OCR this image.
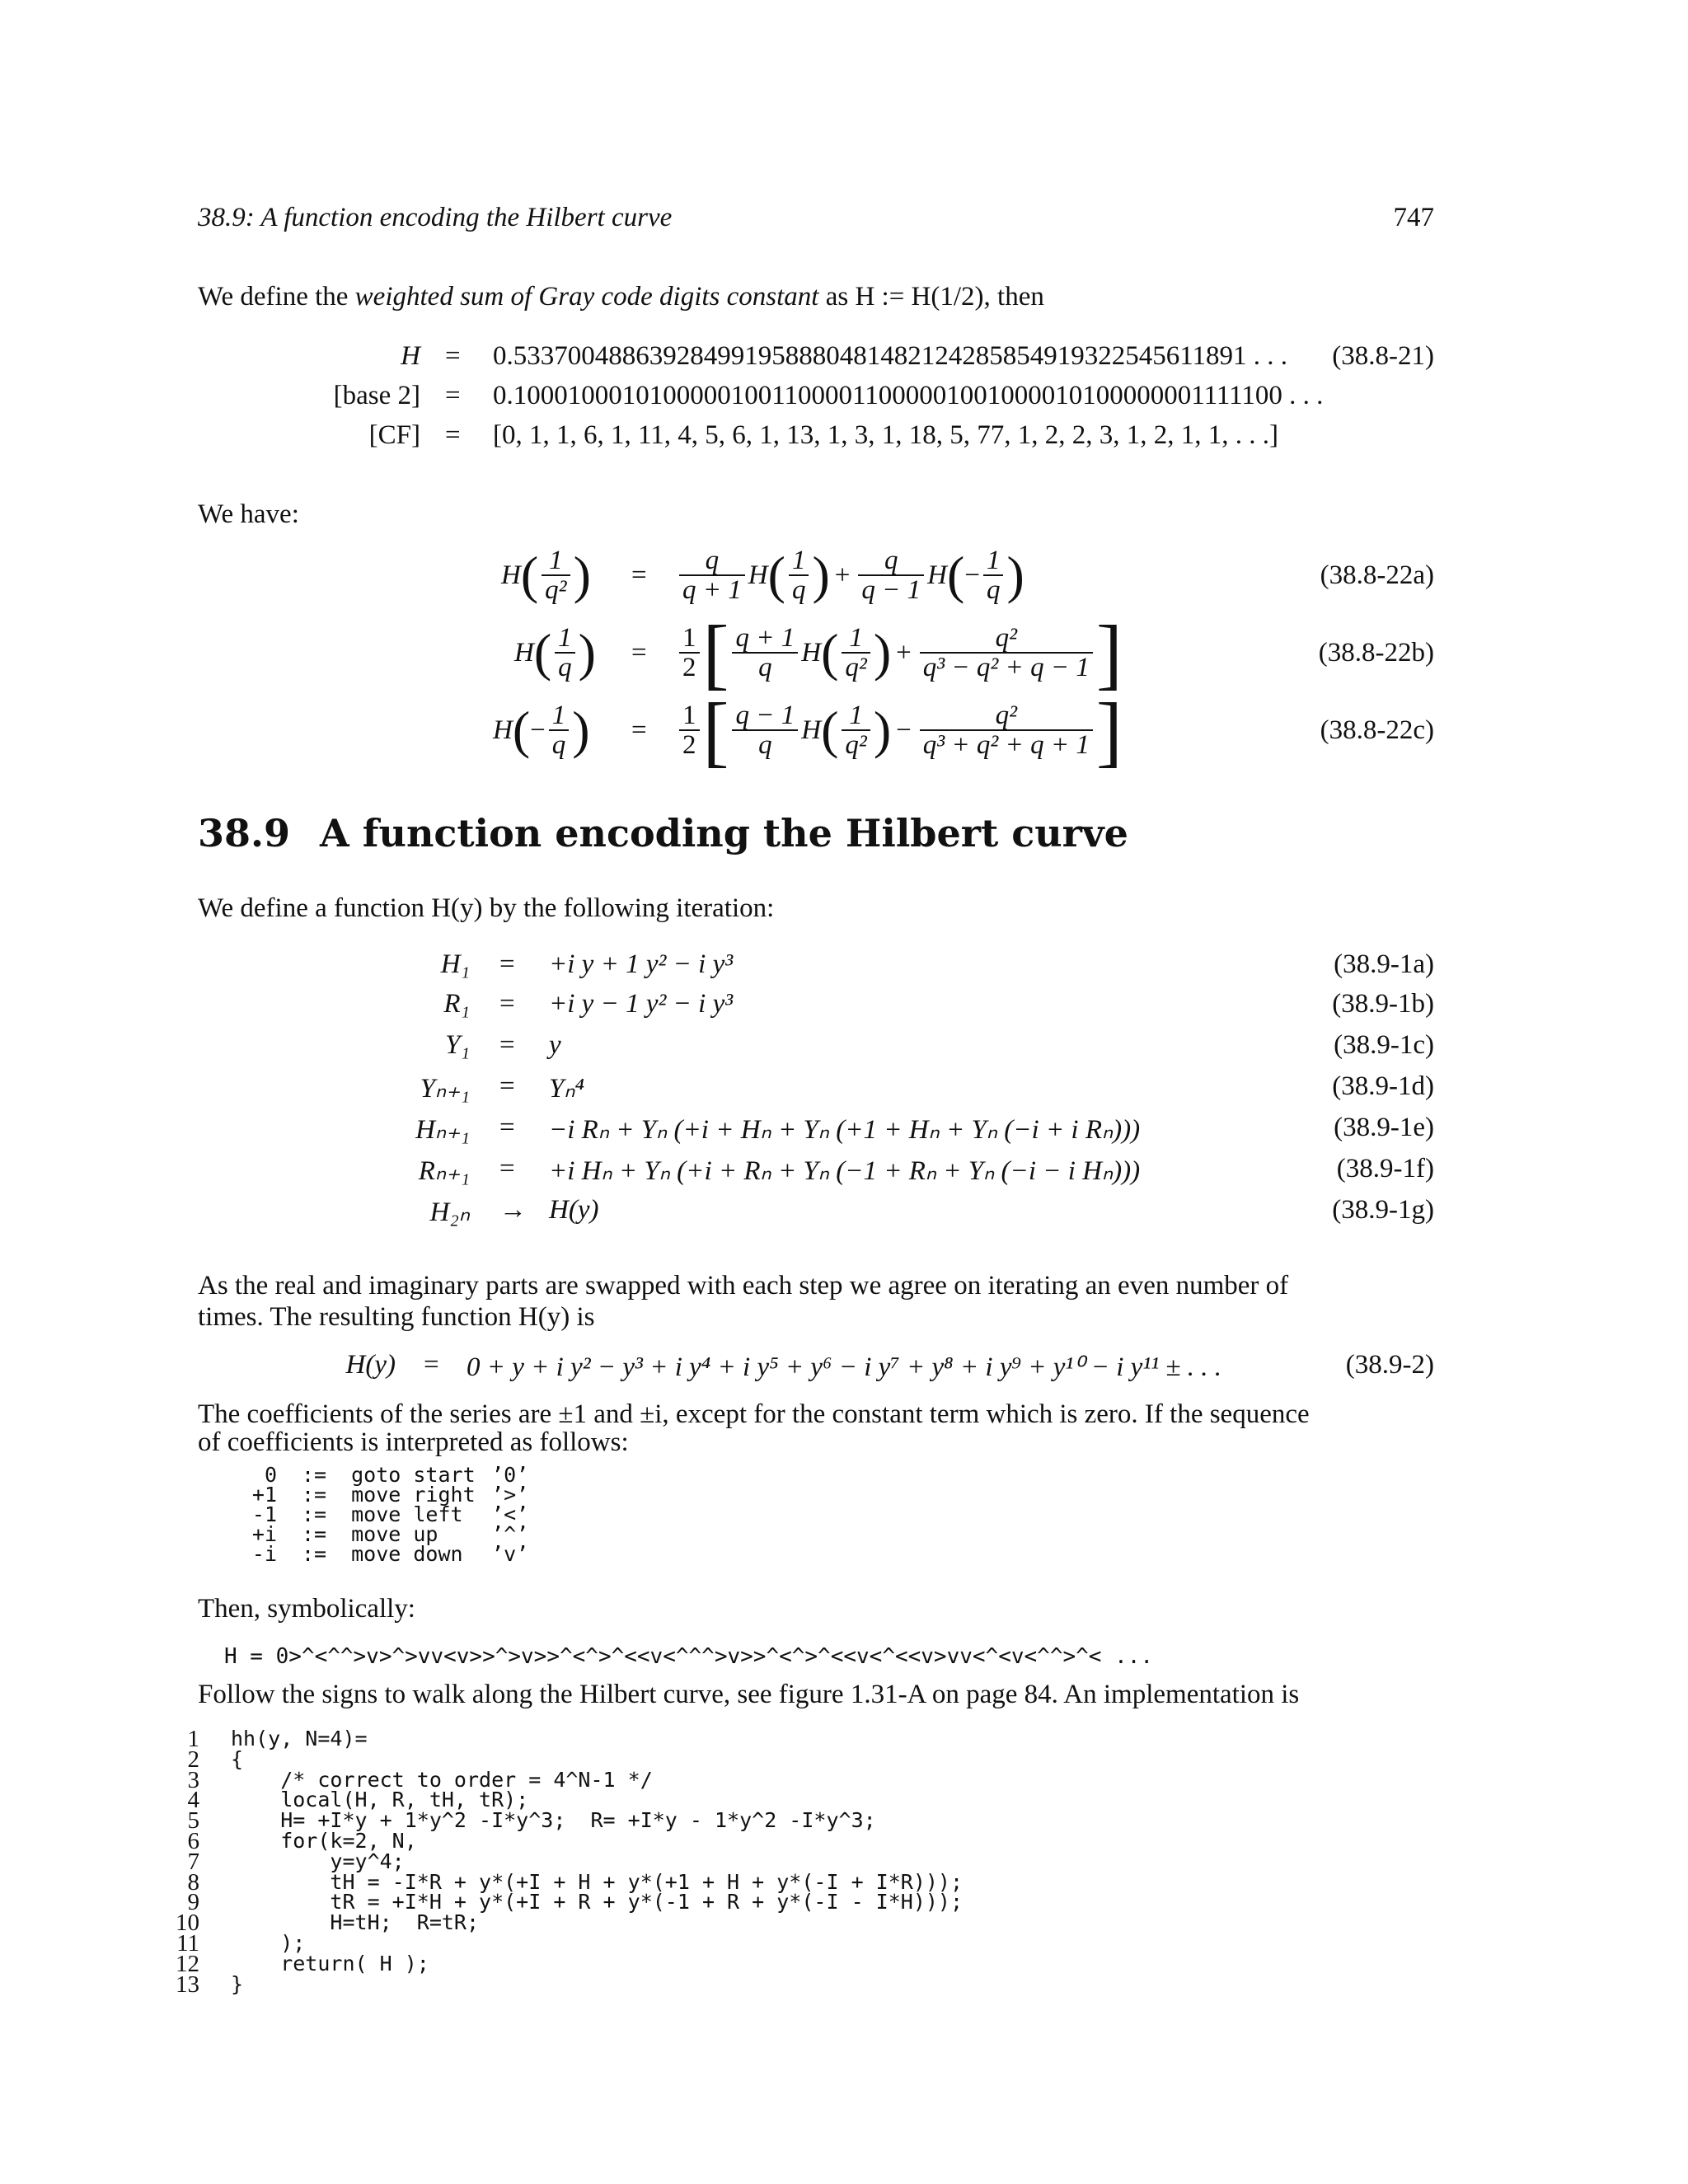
38.9: A function encoding the Hilbert curve	747
We define the weighted sum of Gray code digits constant as H := H(1/2), then
H = 0.533700488639284991958880481482124285854919322545611891 . . .	(38.8-21)
[base 2] = 0.100010001010000010011000011000001001000010100000001111100 . . .
[CF] = [0, 1, 1, 6, 1, 11, 4, 5, 6, 1, 13, 1, 3, 1, 18, 5, 77, 1, 2, 2, 3, 1, 2, 1, 1, . . .]
We have:
H ( $\frac{1}{\text{q²}}$ ) = $\frac{q}{q + 1}$ H ( $\frac{1}{q}$ ) + $\frac{q}{q - 1}$ H ( − $\frac{1}{q}$ )	(38.8-22a)
H ( $\frac{1}{q}$ ) = $\frac{1}{2}$ [ $\frac{q + 1}{q}$ H ( $\frac{1}{\text{q²}}$ ) + $\frac{\text{q²}}{\text{q³ − q² + q − 1}}$ ]	(38.8-22b)
H ( − $\frac{1}{q}$ ) = $\frac{1}{2}$ [ $\frac{q - 1}{q}$ H ( $\frac{1}{\text{q²}}$ ) − $\frac{\text{q²}}{\text{q³ + q² + q + 1}}$ ]	(38.8-22c)
38.9 A function encoding the Hilbert curve
We define a function H(y) by the following iteration:
H₁ = +i y + 1 y² − i y³	(38.9-1a)
R₁ = +i y − 1 y² − i y³	(38.9-1b)
Y₁ = y	(38.9-1c)
Yₙ₊₁ = Yₙ⁴	(38.9-1d)
Hₙ₊₁ = −i Rₙ + Yₙ (+i + Hₙ + Yₙ (+1 + Hₙ + Yₙ (−i + i Rₙ)))	(38.9-1e)
Rₙ₊₁ = +i Hₙ + Yₙ (+i + Rₙ + Yₙ (−1 + Rₙ + Yₙ (−i − i Hₙ)))	(38.9-1f)
H₂ₙ → H(y)	(38.9-1g)
As the real and imaginary parts are swapped with each step we agree on iterating an even number of
times. The resulting function H(y) is
H(y) = 0 + y + i y² − y³ + i y⁴ + i y⁵ + y⁶ − i y⁷ + y⁸ + i y⁹ + y¹⁰ − i y¹¹ ± . . .	(38.9-2)
The coefficients of the series are ±1 and ±i, except for the constant term which is zero. If the sequence
of coefficients is interpreted as follows:
0 := goto start ’0’
+1 := move right ’>’
-1 := move left ’<’
+i := move up	’^’
-i := move down ’v’
Then, symbolically:
H = 0>^<^^>v>^>vv<v>>^>v>>^<^>^<<v<^^^>v>>^<^>^<<v<^<<v>vv<^<v<^^>^< ...
Follow the signs to walk along the Hilbert curve, see figure 1.31-A on page 84. An implementation is
1 hh(y, N=4)=
2 {
3 /* correct to order = 4^N-1 */
4 local(H, R, tH, tR);
5 H= +I*y + 1*y^2 -I*y^3;  R= +I*y - 1*y^2 -I*y^3;
6 for(k=2, N,
7 y=y^4;
8 tH = -I*R + y*(+I + H + y*(+1 + H + y*(-I + I*R)));
9 tR = +I*H + y*(+I + R + y*(-1 + R + y*(-I - I*H)));
10 H=tH;  R=tR;
11 );
12 return( H );
13 }
